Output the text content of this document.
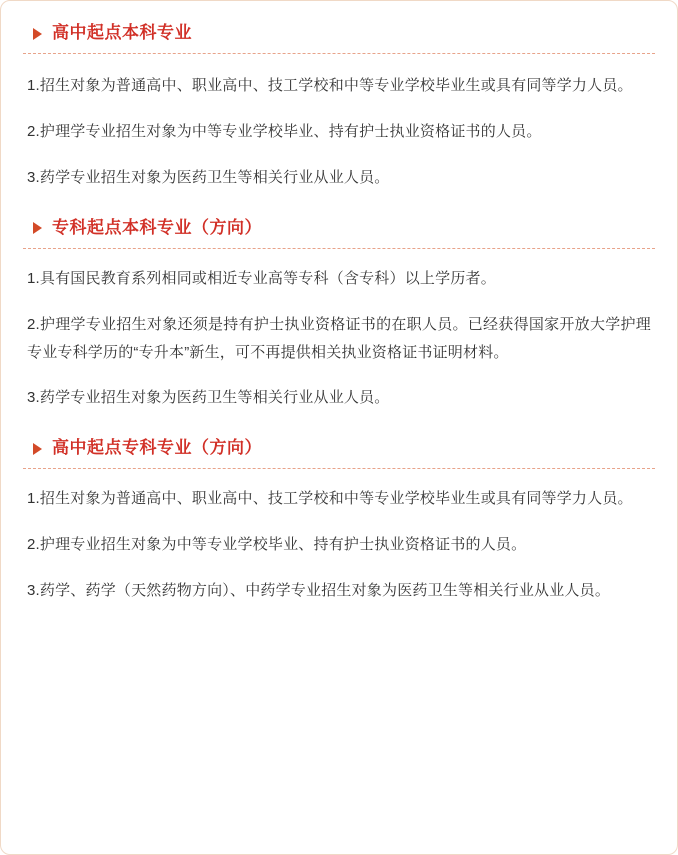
高中起点本科专业

1.招生对象为普通高中、职业高中、技工学校和中等专业学校毕业生或具有同等学力人员。

2.护理学专业招生对象为中等专业学校毕业、持有护士执业资格证书的人员。

3.药学专业招生对象为医药卫生等相关行业从业人员。

专科起点本科专业（方向）

1.具有国民教育系列相同或相近专业高等专科（含专科）以上学历者。

2.护理学专业招生对象还须是持有护士执业资格证书的在职人员。已经获得国家开放大学护理专业专科学历的“专升本”新生，可不再提供相关执业资格证书证明材料。

3.药学专业招生对象为医药卫生等相关行业从业人员。

高中起点专科专业（方向）

1.招生对象为普通高中、职业高中、技工学校和中等专业学校毕业生或具有同等学力人员。

2.护理专业招生对象为中等专业学校毕业、持有护士执业资格证书的人员。

3.药学、药学（天然药物方向）、中药学专业招生对象为医药卫生等相关行业从业人员。
